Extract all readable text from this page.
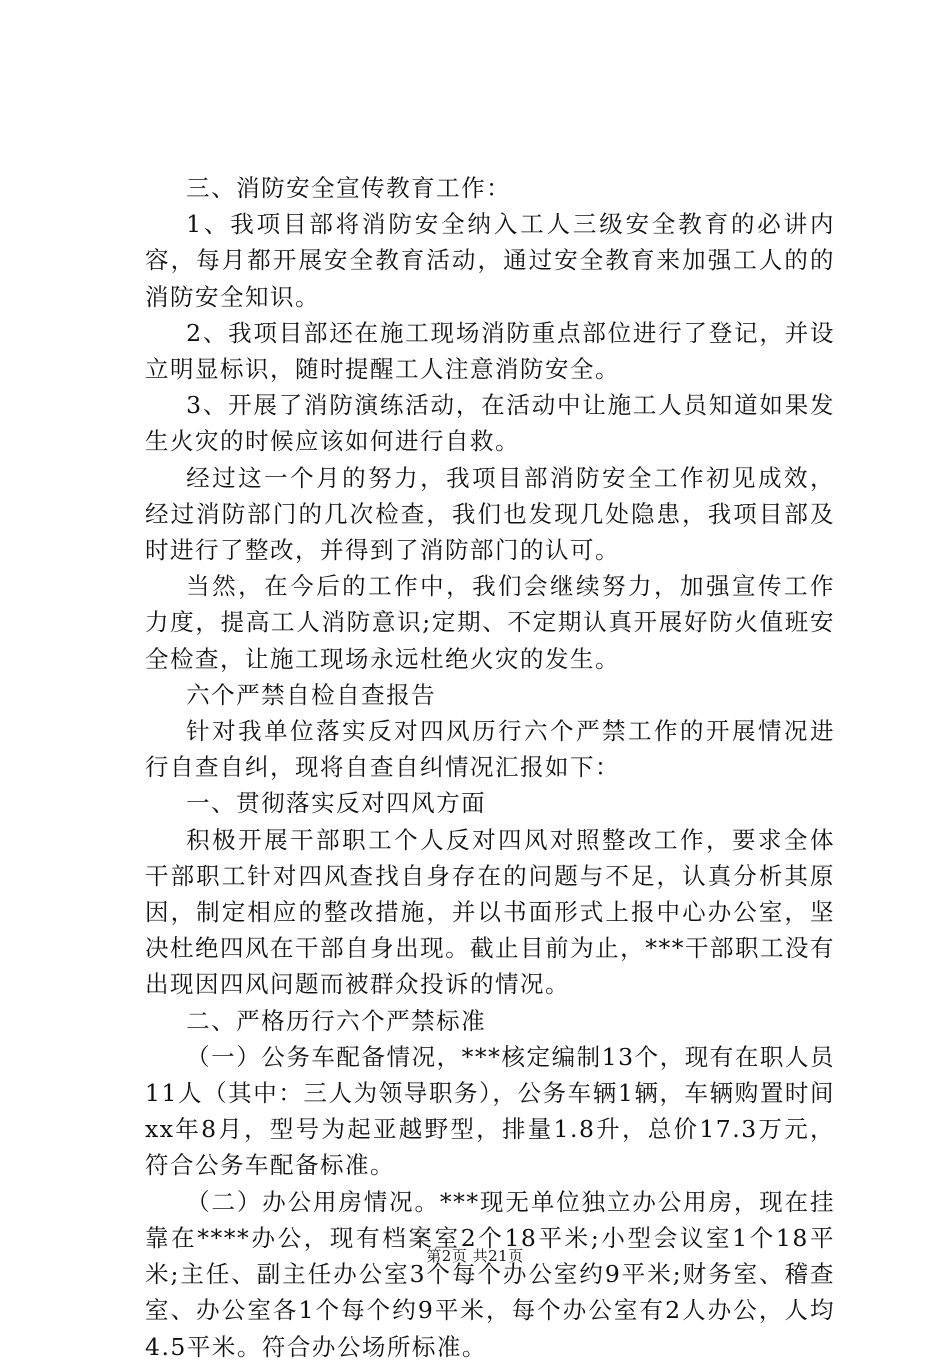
三、消防安全宣传教育工作：

1、我项目部将消防安全纳入工人三级安全教育的必讲内容，每月都开展安全教育活动，通过安全教育来加强工人的的消防安全知识。

2、我项目部还在施工现场消防重点部位进行了登记，并设立明显标识，随时提醒工人注意消防安全。

3、开展了消防演练活动，在活动中让施工人员知道如果发生火灾的时候应该如何进行自救。

经过这一个月的努力，我项目部消防安全工作初见成效，经过消防部门的几次检查，我们也发现几处隐患，我项目部及时进行了整改，并得到了消防部门的认可。

当然，在今后的工作中，我们会继续努力，加强宣传工作力度，提高工人消防意识;定期、不定期认真开展好防火值班安全检查，让施工现场永远杜绝火灾的发生。

六个严禁自检自查报告

针对我单位落实反对四风历行六个严禁工作的开展情况进行自查自纠，现将自查自纠情况汇报如下：

一、贯彻落实反对四风方面

积极开展干部职工个人反对四风对照整改工作，要求全体干部职工针对四风查找自身存在的问题与不足，认真分析其原因，制定相应的整改措施，并以书面形式上报中心办公室，坚决杜绝四风在干部自身出现。截止目前为止，***干部职工没有出现因四风问题而被群众投诉的情况。

二、严格历行六个严禁标准

（一）公务车配备情况，***核定编制13个，现有在职人员11人（其中：三人为领导职务），公务车辆1辆，车辆购置时间xx年8月，型号为起亚越野型，排量1.8升，总价17.3万元，符合公务车配备标准。

（二）办公用房情况。***现无单位独立办公用房，现在挂靠在****办公，现有档案室2个18平米;小型会议室1个18平米;主任、副主任办公室3个每个办公室约9平米;财务室、稽查室、办公室各1个每个约9平米，每个办公室有2人办公，人均4.5平米。符合办公场所标准。

第2页 共21页
